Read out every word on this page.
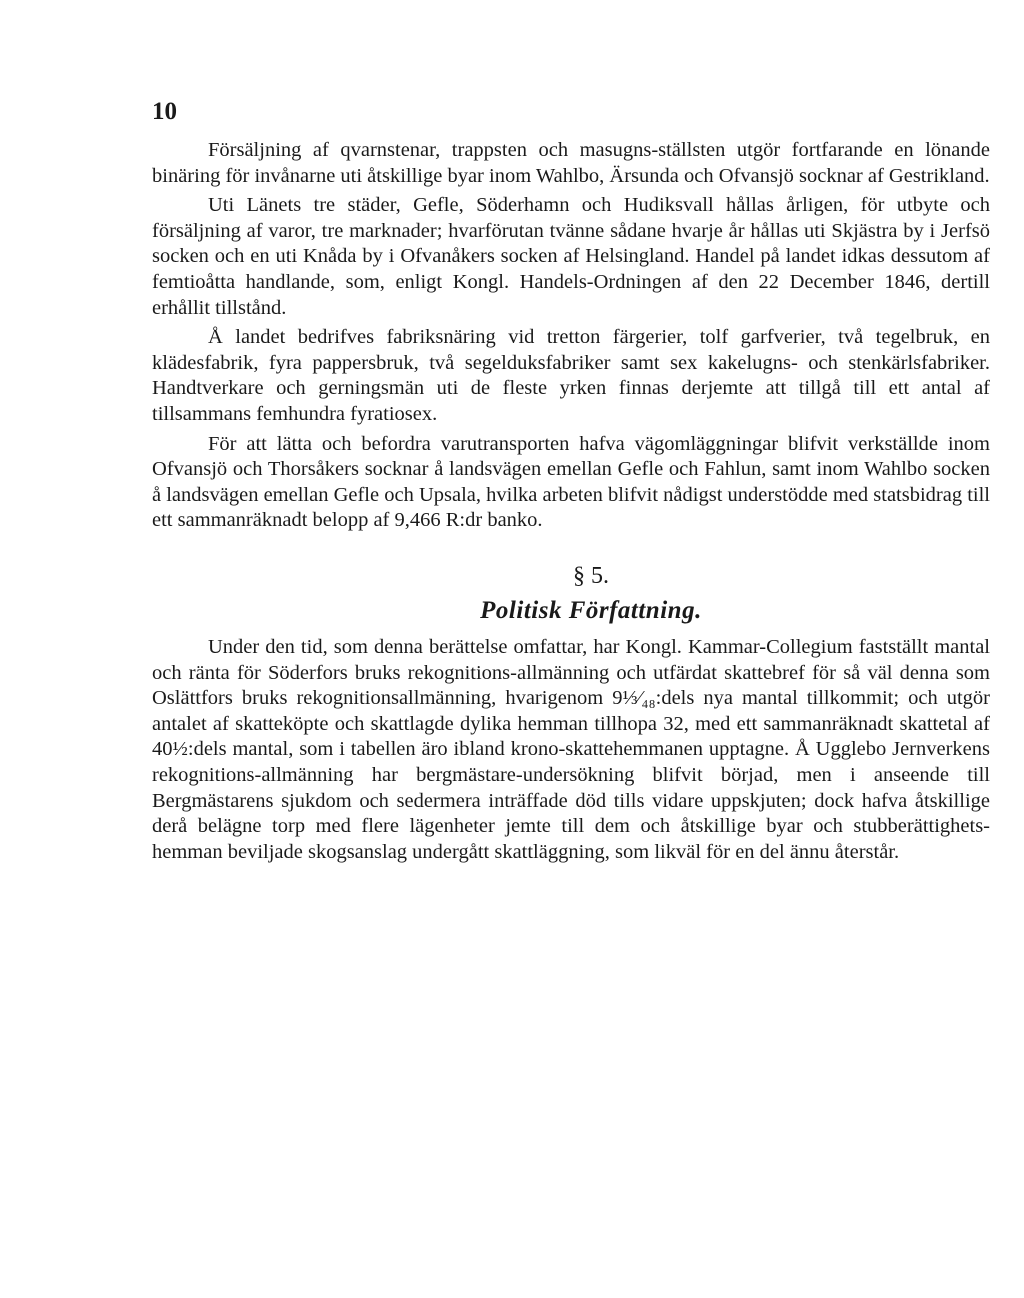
10

Försäljning af qvarnstenar, trappsten och masugns-ställsten utgör fortfarande en lönande binäring för invånarne uti åtskillige byar inom Wahlbo, Ärsunda och Ofvansjö socknar af Gestrikland.

Uti Länets tre städer, Gefle, Söderhamn och Hudiksvall hållas årligen, för utbyte och försäljning af varor, tre marknader; hvarförutan tvänne sådane hvarje år hållas uti Skjästra by i Jerfsö socken och en uti Knåda by i Ofvanåkers socken af Helsingland. Handel på landet idkas dessutom af femtioåtta handlande, som, enligt Kongl. Handels-Ordningen af den 22 December 1846, dertill erhållit tillstånd.

Å landet bedrifves fabriksnäring vid tretton färgerier, tolf garfverier, två tegelbruk, en klädesfabrik, fyra pappersbruk, två segelduksfabriker samt sex kakelugns- och stenkärlsfabriker. Handtverkare och gerningsmän uti de fleste yrken finnas derjemte att tillgå till ett antal af tillsammans femhundra fyratiosex.

För att lätta och befordra varutransporten hafva vägomläggningar blifvit verkställde inom Ofvansjö och Thorsåkers socknar å landsvägen emellan Gefle och Fahlun, samt inom Wahlbo socken å landsvägen emellan Gefle och Upsala, hvilka arbeten blifvit nådigst understödde med statsbidrag till ett sammanräknadt belopp af 9,466 R:dr banko.

§ 5.
Politisk Författning.

Under den tid, som denna berättelse omfattar, har Kongl. Kammar-Collegium fastställt mantal och ränta för Söderfors bruks rekognitions-allmänning och utfärdat skattebref för så väl denna som Oslättfors bruks rekognitionsallmänning, hvarigenom 9⅓⁄₄₈:dels nya mantal tillkommit; och utgör antalet af skatteköpte och skattlagde dylika hemman tillhopa 32, med ett sammanräknadt skattetal af 40½:dels mantal, som i tabellen äro ibland krono-skattehemmanen upptagne. Å Ugglebo Jernverkens rekognitions-allmänning har bergmästare-undersökning blifvit börjad, men i anseende till Bergmästarens sjukdom och sedermera inträffade död tills vidare uppskjuten; dock hafva åtskillige derå belägne torp med flere lägenheter jemte till dem och åtskillige byar och stubberättighets-hemman beviljade skogsanslag undergått skattläggning, som likväl för en del ännu återstår.
